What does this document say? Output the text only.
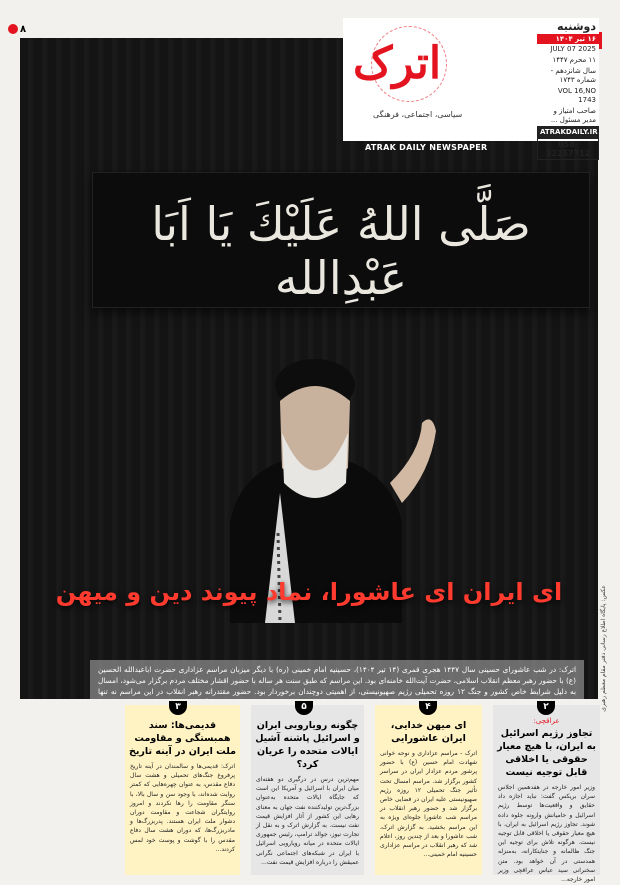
۸
صَلَّى اللهُ عَلَيْكَ يَا اَبَا عَبْدِالله
اترک: در شب عاشورای حسینی سال ۱۴۴۷ هجری قمری (۱۴ تیر ۱۴۰۴)، حسینیه امام خمینی (ره) با دیگر میزبان مراسم عزاداری حضرت اباعبدالله الحسین (ع) با حضور رهبر معظم انقلاب اسلامی، حضرت آیت‌الله خامنه‌ای بود. این مراسم که طبق سنت هر ساله با حضور اقشار مختلف مردم برگزار می‌شود، امسال به دلیل شرایط خاص کشور و جنگ ۱۲ روزه تحمیلی رژیم صهیونیستی، از اهمیتی دوچندان برخوردار بود. حضور مقتدرانه رهبر انقلاب در این مراسم نه تنها
اترک
سیاسی، اجتماعی، فرهنگی
دوشنبه
۱۶ تیر ۱۴۰۴
JULY 07 2025
۱۱ محرم ۱۴۴۷
سال شانزدهم - شماره ۱۷۴۳
VOL 16,NO 1743
صاحب امتیاز و مدیر مسئول ...
ATRAKDAILY.IR
058-32257712
ATRAK DAILY NEWSPAPER
ای ایران ای عاشورا، نماد پیوند دین و میهن	عکس: پایگاه اطلاع رسانی دفتر مقام معظم رهبری
۲
عراقچی:
تجاوز رژیم اسرائیل به ایران، با هیچ معیار حقوقی یا اخلاقی قابل توجیه نیست
وزیر امور خارجه در هفدهمین اجلاس سران بریکس گفت: نباید اجازه داد حقایق و واقعیت‌ها توسط رژیم اسرائیل و حامیانش وارونه جلوه داده شوند. تجاوز رژیم اسرائیل به ایران، با هیچ معیار حقوقی یا اخلاقی قابل توجیه نیست. هرگونه تلاش برای توجیه این جنگ ظالمانه و جنایتکارانه، به‌منزله همدستی در آن خواهد بود. متن سخنرانی سید عباس عراقچی وزیر امور خارجه...
۴
ای میهن خدایی، ایران عاشورایی
اترک - مراسم عزاداری و نوحه خوانی شهادت امام حسین (ع) با حضور پرشور مردم عزادار ایران در سراسر کشور برگزار شد. مراسم امسال تحت تأثیر جنگ تحمیلی ۱۲ روزه رژیم صهیونیستی علیه ایران در فضایی خاص برگزار شد و حضور رهبر انقلاب در مراسم شب عاشورا جلوه‌ای ویژه به این مراسم بخشید. به گزارش اترک، شب عاشورا و بعد از چندین روز، اعلام شد که رهبر انقلاب در مراسم عزاداری حسینیه امام خمینی...
۵
چگونه رویارویی ایران و اسرائیل پاشنه آشیل ایالات متحده را عریان کرد؟
مهم‌ترین درس در درگیری دو هفته‌ای میان ایران با اسرائیل و آمریکا این است که جایگاه ایالات متحده به‌عنوان بزرگ‌ترین تولیدکننده نفت جهان به معنای رهایی این کشور از آثار افزایش قیمت نفت نیست. به گزارش اترک و به نقل از تجارت نیوز، جوالد ترامپ، رئیس جمهوری ایالات متحده در میانه رویارویی اسرائیل با ایران در شبکه‌های اجتماعی نگرانی عمیقش را درباره افزایش قیمت نفت...
۳
قدیمی‌ها: سند همبستگی و مقاومت ملت ایران در آینه تاریخ
اترک: قدیمی‌ها و سالمندان در آینه تاریخ پرفروغ جنگ‌های تحمیلی و هشت سال دفاع مقدس، به عنوان چهره‌هایی که کمتر روایت شده‌اند، با وجود سن و سال بالا، با سنگر مقاومت را رها نکردند و امروز روایتگران شجاعت و مقاومت دوران دشوار ملت ایران هستند. پدربزرگ‌ها و مادربزرگ‌ها، که دوران هشت سال دفاع مقدس را با گوشت و پوست خود لمس کردند...
